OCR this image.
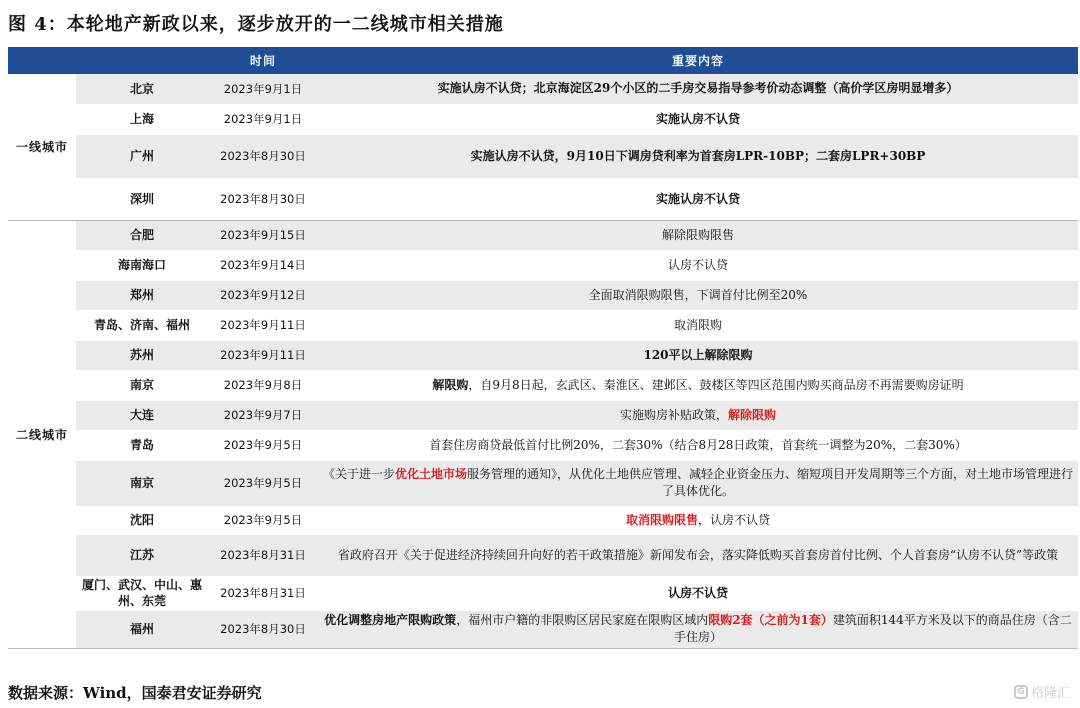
图 4：本轮地产新政以来，逐步放开的一二线城市相关措施
		时间	重要内容
一线城市	北京	2023年9月1日	实施认房不认贷；北京海淀区29个小区的二手房交易指导参考价动态调整（高价学区房明显增多）
	上海	2023年9月1日	实施认房不认贷
	广州	2023年8月30日	实施认房不认贷，9月10日下调房贷利率为首套房LPR-10BP；二套房LPR+30BP
	深圳	2023年8月30日	实施认房不认贷
二线城市	合肥	2023年9月15日	解除限购限售
	海南海口	2023年9月14日	认房不认贷
	郑州	2023年9月12日	全面取消限购限售，下调首付比例至20%
	青岛、济南、福州	2023年9月11日	取消限购
	苏州	2023年9月11日	120平以上解除限购
	南京	2023年9月8日	解限购，自9月8日起，玄武区、秦淮区、建邺区、鼓楼区等四区范围内购买商品房不再需要购房证明
	大连	2023年9月7日	实施购房补贴政策，解除限购
	青岛	2023年9月5日	首套住房商贷最低首付比例20%，二套30%（结合8月28日政策，首套统一调整为20%，二套30%）
	南京	2023年9月5日	《关于进一步优化土地市场服务管理的通知》，从优化土地供应管理、减轻企业资金压力、缩短项目开发周期等三个方面，对土地市场管理进行了具体优化。
	沈阳	2023年9月5日	取消限购限售，认房不认贷
	江苏	2023年8月31日	省政府召开《关于促进经济持续回升向好的若干政策措施》新闻发布会，落实降低购买首套房首付比例、个人首套房“认房不认贷”等政策
	厦门、武汉、中山、惠州、东莞	2023年8月31日	认房不认贷
	福州	2023年8月30日	优化调整房地产限购政策，福州市户籍的非限购区居民家庭在限购区域内限购2套（之前为1套）建筑面积144平方米及以下的商品住房（含二手住房）
数据来源：Wind，国泰君安证券研究	G 格隆汇
